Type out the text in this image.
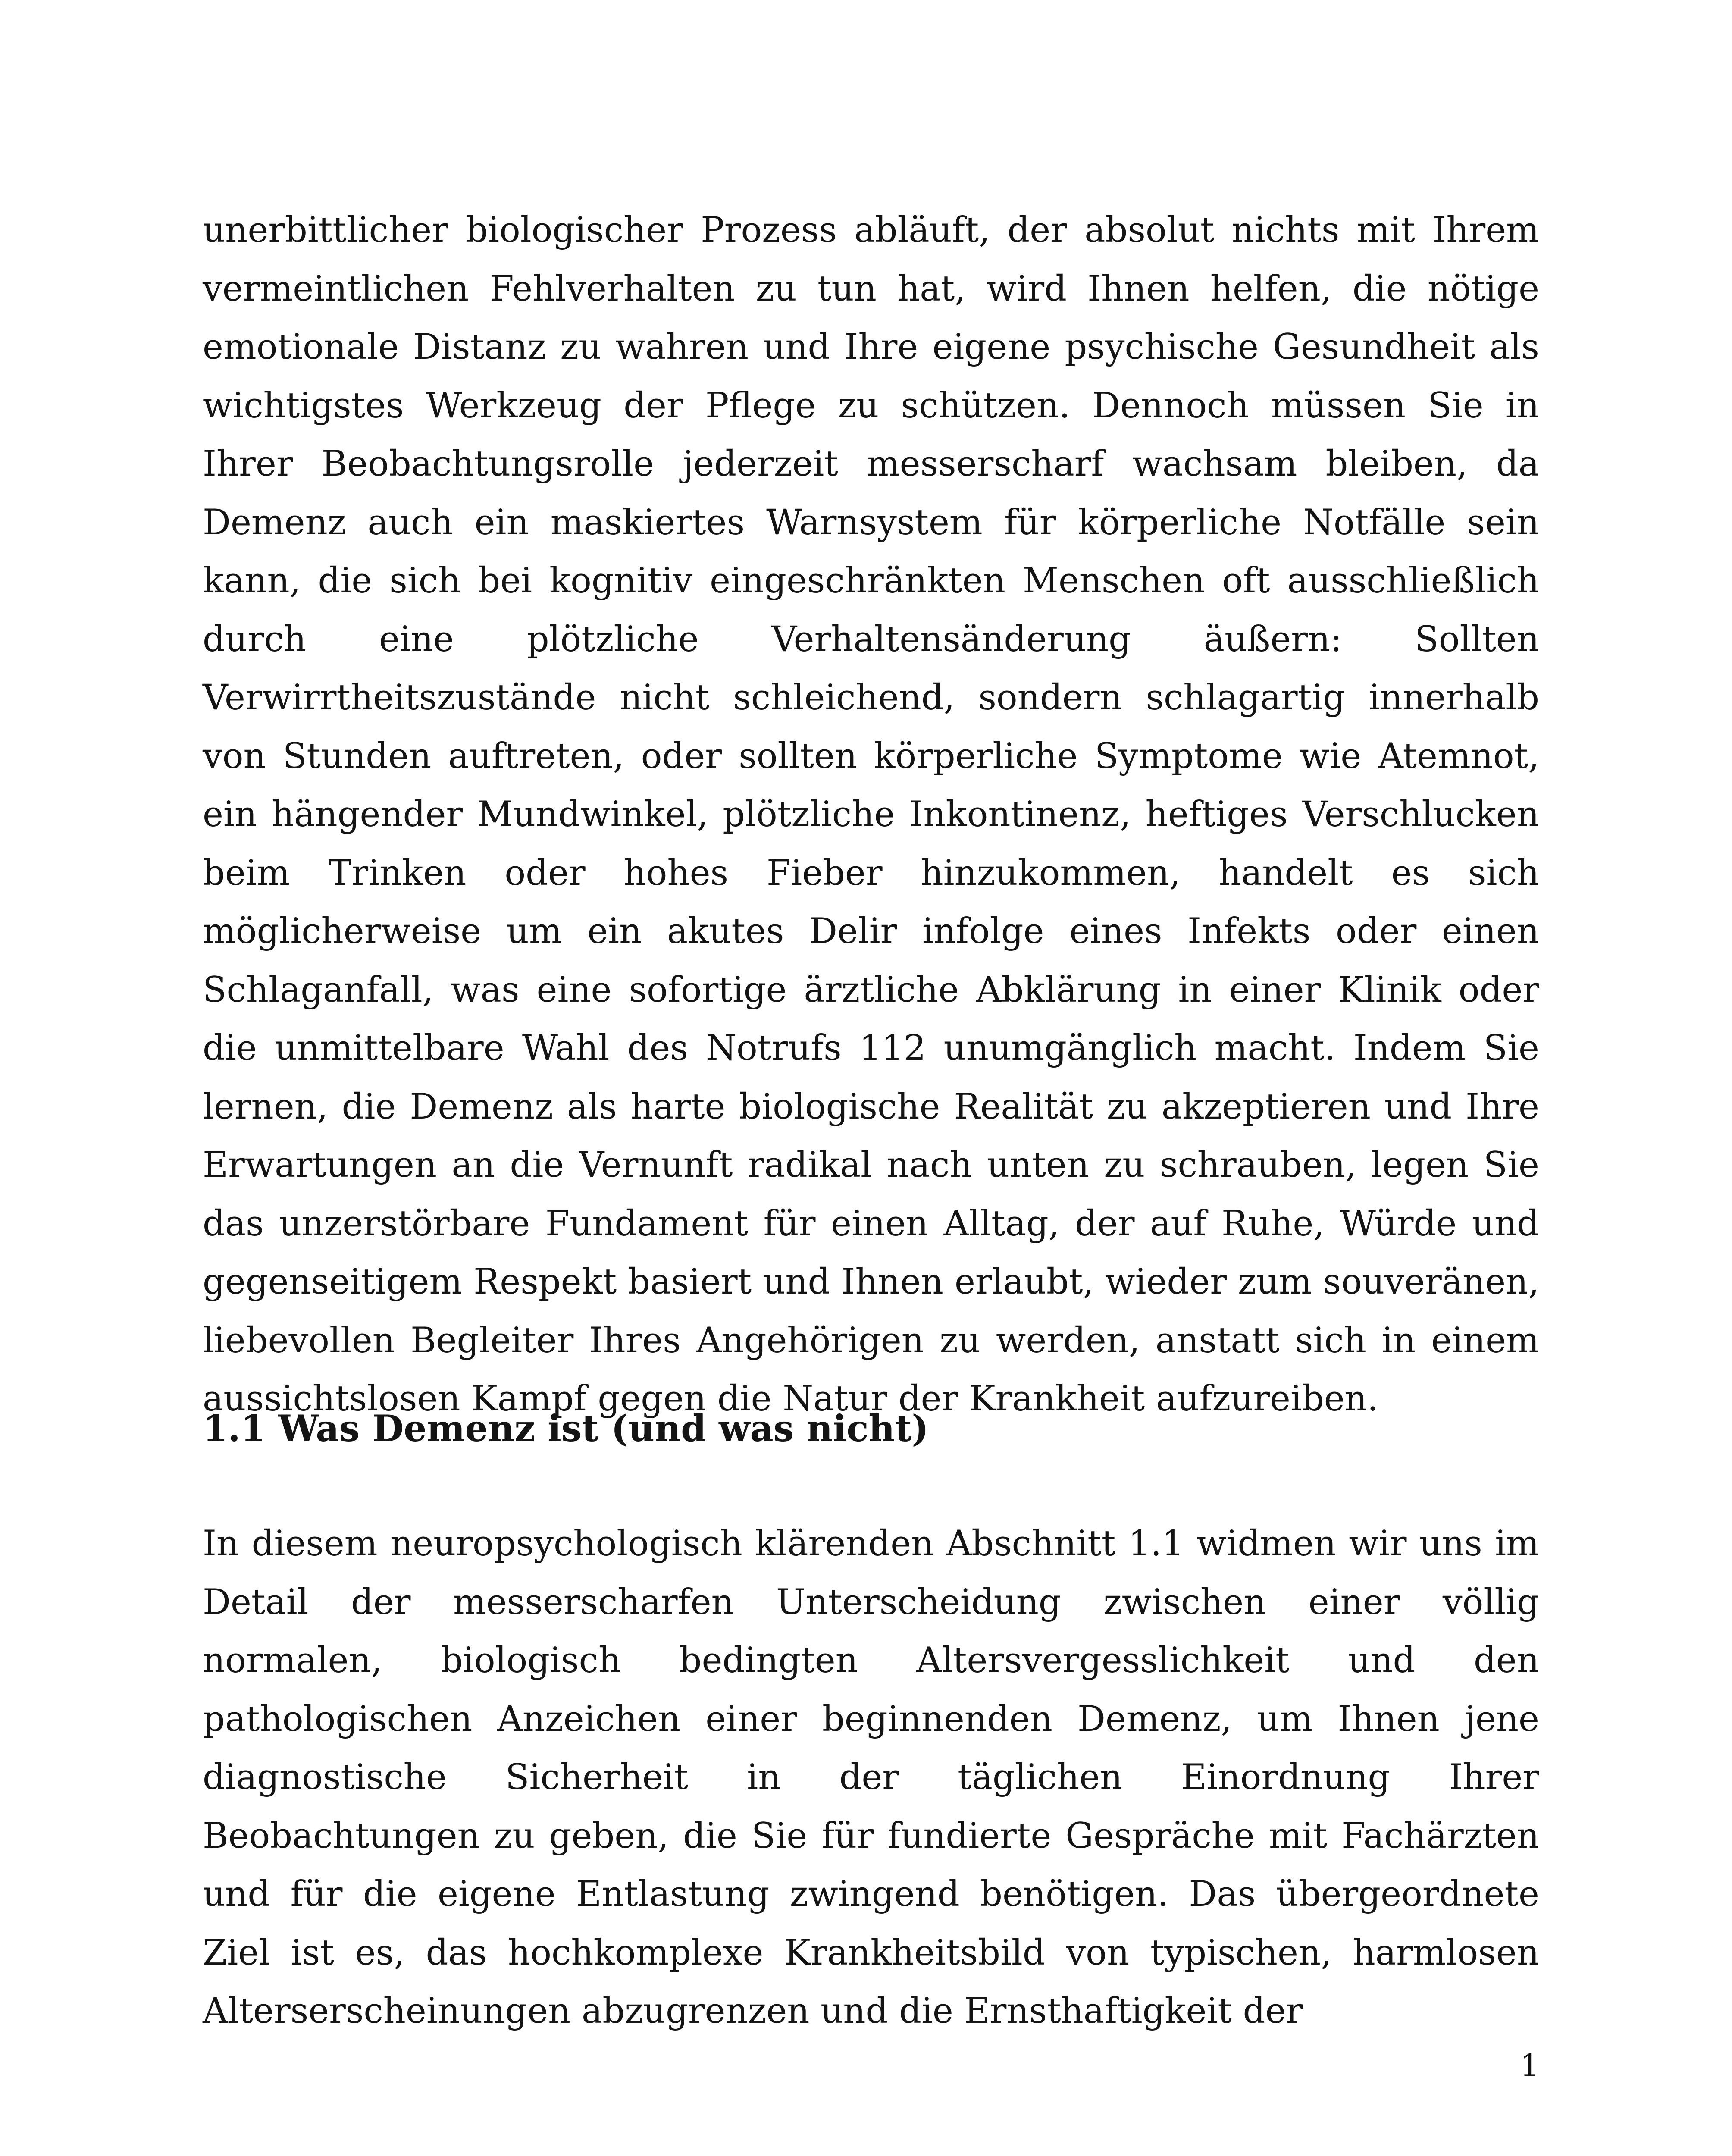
unerbittlicher biologischer Prozess abläuft, der absolut nichts mit Ihrem vermeintlichen Fehlverhalten zu tun hat, wird Ihnen helfen, die nötige emotionale Distanz zu wahren und Ihre eigene psychische Gesundheit als wichtigstes Werkzeug der Pflege zu schützen. Dennoch müssen Sie in Ihrer Beobachtungsrolle jederzeit messerscharf wachsam bleiben, da Demenz auch ein maskiertes Warnsystem für körperliche Notfälle sein kann, die sich bei kognitiv eingeschränkten Menschen oft ausschließlich durch eine plötzliche Verhaltensänderung äußern: Sollten Verwirrtheitszustände nicht schleichend, sondern schlagartig innerhalb von Stunden auftreten, oder sollten körperliche Symptome wie Atemnot, ein hängender Mundwinkel, plötzliche Inkontinenz, heftiges Verschlucken beim Trinken oder hohes Fieber hinzukommen, handelt es sich möglicherweise um ein akutes Delir infolge eines Infekts oder einen Schlaganfall, was eine sofortige ärztliche Abklärung in einer Klinik oder die unmittelbare Wahl des Notrufs 112 unumgänglich macht. Indem Sie lernen, die Demenz als harte biologische Realität zu akzeptieren und Ihre Erwartungen an die Vernunft radikal nach unten zu schrauben, legen Sie das unzerstörbare Fundament für einen Alltag, der auf Ruhe, Würde und gegenseitigem Respekt basiert und Ihnen erlaubt, wieder zum souveränen, liebevollen Begleiter Ihres Angehörigen zu werden, anstatt sich in einem aussichtslosen Kampf gegen die Natur der Krankheit aufzureiben.

1.1 Was Demenz ist (und was nicht)

In diesem neuropsychologisch klärenden Abschnitt 1.1 widmen wir uns im Detail der messerscharfen Unterscheidung zwischen einer völlig normalen, biologisch bedingten Altersvergesslichkeit und den pathologischen Anzeichen einer beginnenden Demenz, um Ihnen jene diagnostische Sicherheit in der täglichen Einordnung Ihrer Beobachtungen zu geben, die Sie für fundierte Gespräche mit Fachärzten und für die eigene Entlastung zwingend benötigen. Das übergeordnete Ziel ist es, das hochkomplexe Krankheitsbild von typischen, harmlosen Alterserscheinungen abzugrenzen und die Ernsthaftigkeit der

1
